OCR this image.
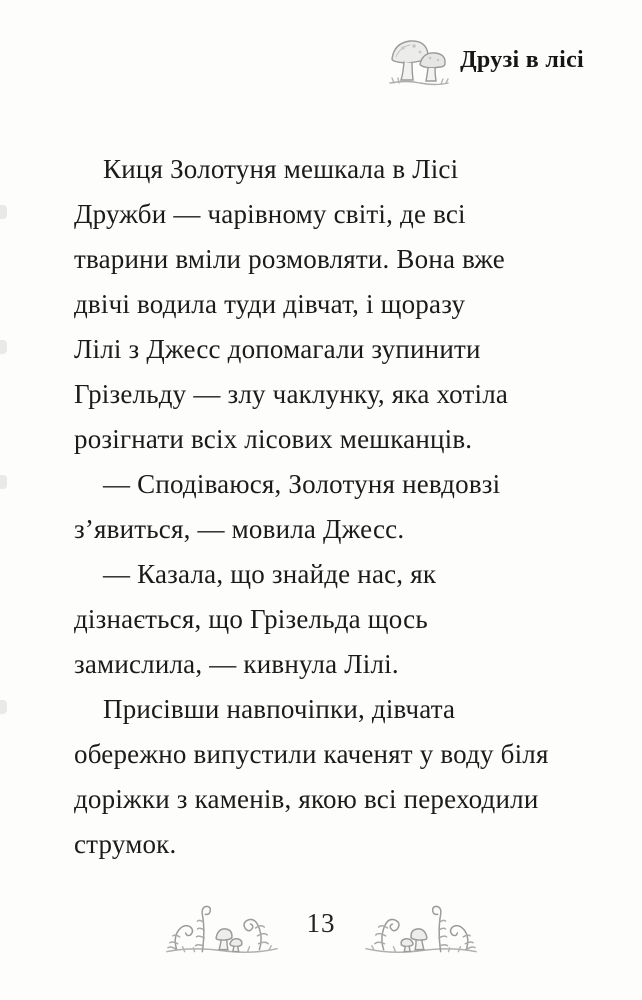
Друзі в лісі
Киця Золотуня мешкала в Лісі
Дружби — чарівному світі, де всі
тварини вміли розмовляти. Вона вже
двічі водила туди дівчат, і щоразу
Лілі з Джесс допомагали зупинити
Грізельду — злу чаклунку, яка хотіла
розігнати всіх лісових мешканців.
— Сподіваюся, Золотуня невдовзі
з’явиться, — мовила Джесс.
— Казала, що знайде нас, як
дізнається, що Грізельда щось
замислила, — кивнула Лілі.
Присівши навпочіпки, дівчата
обережно випустили каченят у воду біля
доріжки з каменів, якою всі переходили
струмок.
13
